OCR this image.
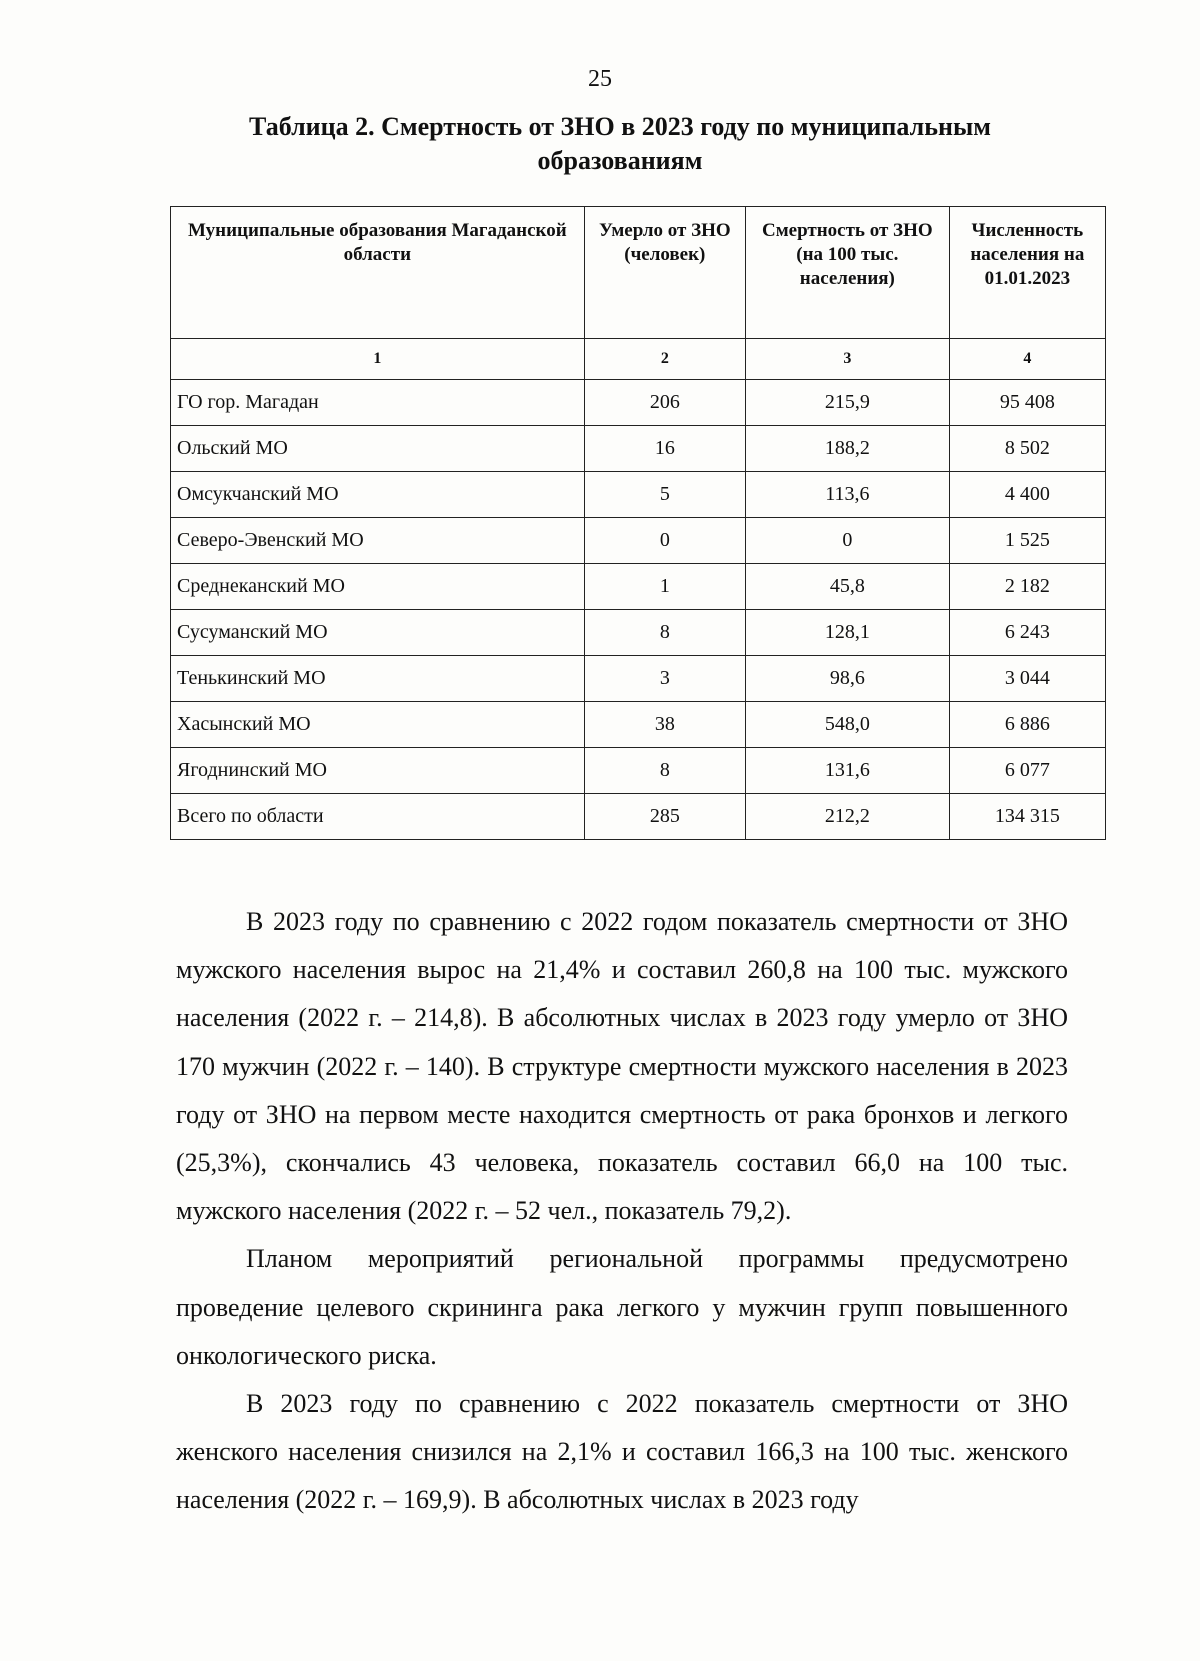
25
Таблица 2. Смертность от ЗНО в 2023 году по муниципальным образованиям
Муниципальные образования Магаданской области	Умерло от ЗНО (человек)	Смертность от ЗНО (на 100 тыс. населения)	Численность населения на 01.01.2023
1	2	3	4
ГО гор. Магадан	206	215,9	95 408
Ольский МО	16	188,2	8 502
Омсукчанский МО	5	113,6	4 400
Северо-Эвенский МО	0	0	1 525
Среднеканский МО	1	45,8	2 182
Сусуманский МО	8	128,1	6 243
Тенькинский МО	3	98,6	3 044
Хасынский МО	38	548,0	6 886
Ягоднинский МО	8	131,6	6 077
Всего по области	285	212,2	134 315

В 2023 году по сравнению с 2022 годом показатель смертности от ЗНО мужского населения вырос на 21,4% и составил 260,8 на 100 тыс. мужского населения (2022 г. – 214,8). В абсолютных числах в 2023 году умерло от ЗНО 170 мужчин (2022 г. – 140). В структуре смертности мужского населения в 2023 году от ЗНО на первом месте находится смертность от рака бронхов и легкого (25,3%), скончались 43 человека, показатель составил 66,0 на 100 тыс. мужского населения (2022 г. – 52 чел., показатель 79,2).

Планом мероприятий региональной программы предусмотрено проведение целевого скрининга рака легкого у мужчин групп повышенного онкологического риска.

В 2023 году по сравнению с 2022 показатель смертности от ЗНО женского населения снизился на 2,1% и составил 166,3 на 100 тыс. женского населения (2022 г. – 169,9). В абсолютных числах в 2023 году
